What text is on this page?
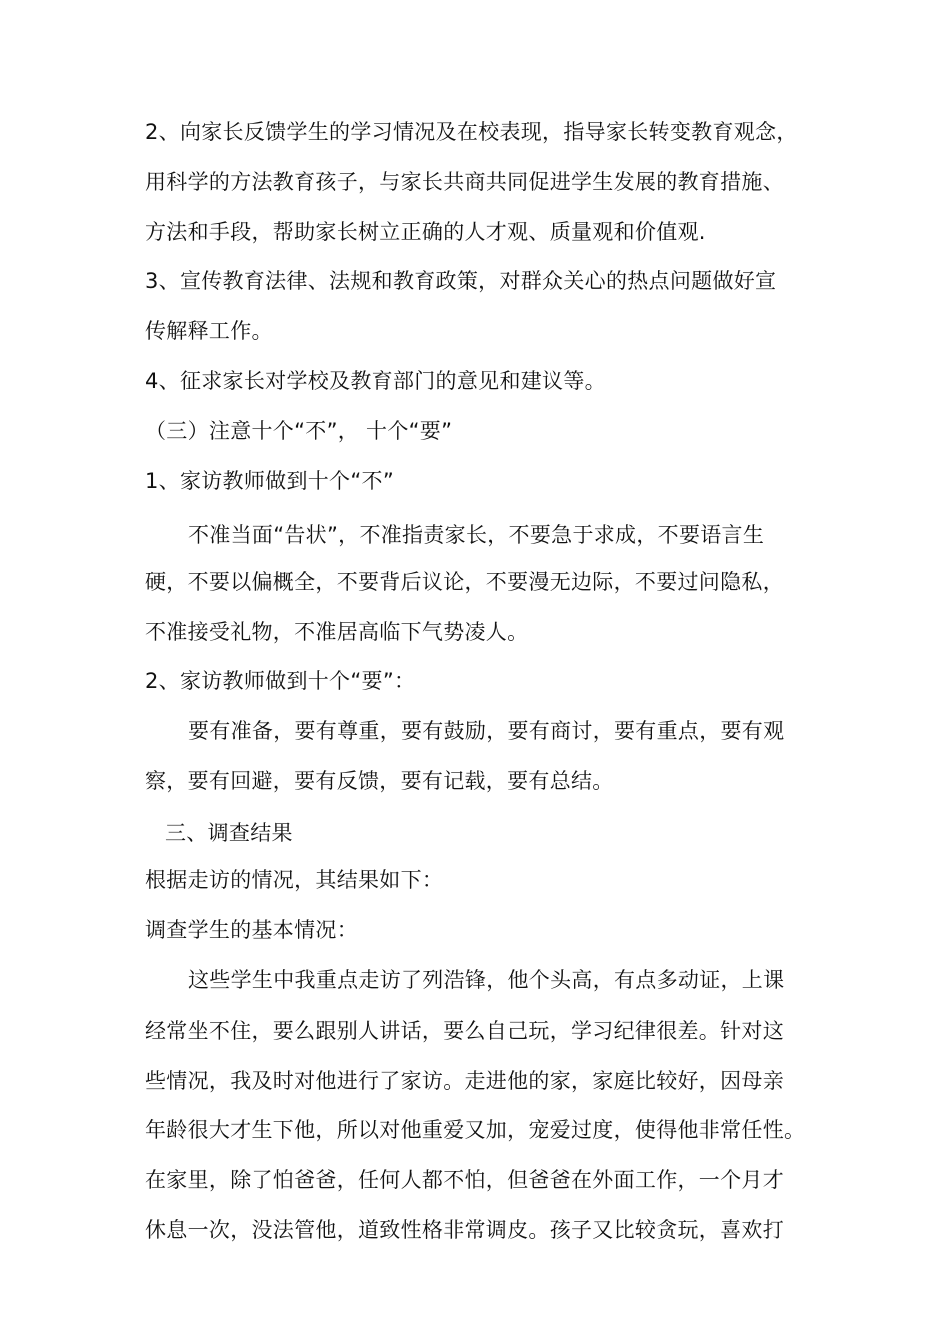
2、向家长反馈学生的学习情况及在校表现，指导家长转变教育观念，
用科学的方法教育孩子，与家长共商共同促进学生发展的教育措施、
方法和手段，帮助家长树立正确的人才观、质量观和价值观.
3、宣传教育法律、法规和教育政策，对群众关心的热点问题做好宣
传解释工作。
4、征求家长对学校及教育部门的意见和建议等。
（三）注意十个“不”， 十个“要”
1、家访教师做到十个“不”
不准当面“告状”，不准指责家长，不要急于求成，不要语言生
硬，不要以偏概全，不要背后议论，不要漫无边际，不要过问隐私，
不准接受礼物，不准居高临下气势凌人。
2、家访教师做到十个“要”：
要有准备，要有尊重，要有鼓励，要有商讨，要有重点，要有观
察，要有回避，要有反馈，要有记载，要有总结。
三、调查结果
根据走访的情况，其结果如下：
调查学生的基本情况：
这些学生中我重点走访了列浩锋，他个头高，有点多动证，上课
经常坐不住，要么跟别人讲话，要么自己玩，学习纪律很差。针对这
些情况，我及时对他进行了家访。走进他的家，家庭比较好，因母亲
年龄很大才生下他，所以对他重爱又加，宠爱过度，使得他非常任性。
在家里，除了怕爸爸，任何人都不怕，但爸爸在外面工作，一个月才
休息一次，没法管他，道致性格非常调皮。孩子又比较贪玩，喜欢打
